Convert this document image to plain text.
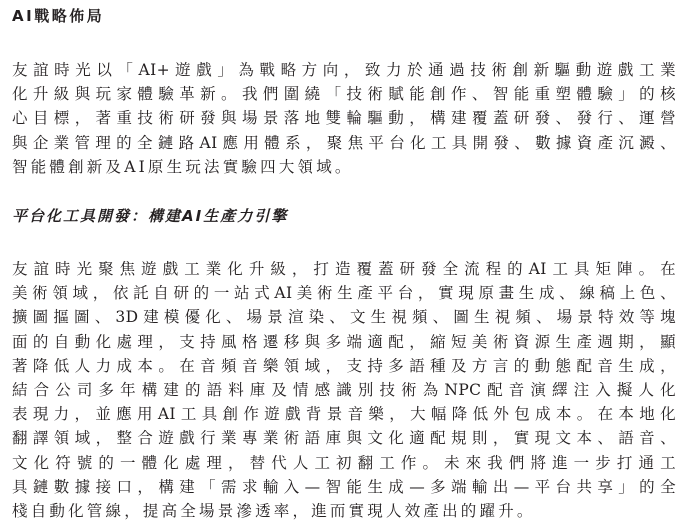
AI戰略佈局
友誼時光以「AI+遊戲」為戰略方向，致力於通過技術創新驅動遊戲工業
化升級與玩家體驗革新。我們圍繞「技術賦能創作、智能重塑體驗」的核
心目標，著重技術研發與場景落地雙輪驅動，構建覆蓋研發、發行、運營
與企業管理的全鏈路AI應用體系，聚焦平台化工具開發、數據資產沉澱、
智能體創新及AI原生玩法實驗四大領域。
平台化工具開發：構建AI生產力引擎
友誼時光聚焦遊戲工業化升級，打造覆蓋研發全流程的AI工具矩陣。在
美術領域，依託自研的一站式AI美術生產平台，實現原畫生成、線稿上色、
擴圖摳圖、3D建模優化、場景渲染、文生視頻、圖生視頻、場景特效等塊
面的自動化處理，支持風格遷移與多端適配，縮短美術資源生產週期，顯
著降低人力成本。在音頻音樂領域，支持多語種及方言的動態配音生成，
結合公司多年構建的語料庫及情感識別技術為NPC配音演繹注入擬人化
表現力，並應用AI工具創作遊戲背景音樂，大幅降低外包成本。在本地化
翻譯領域，整合遊戲行業專業術語庫與文化適配規則，實現文本、語音、
文化符號的一體化處理，替代人工初翻工作。未來我們將進一步打通工
具鏈數據接口，構建「需求輸入—智能生成—多端輸出—平台共享」的全
棧自動化管線，提高全場景滲透率，進而實現人效產出的躍升。
